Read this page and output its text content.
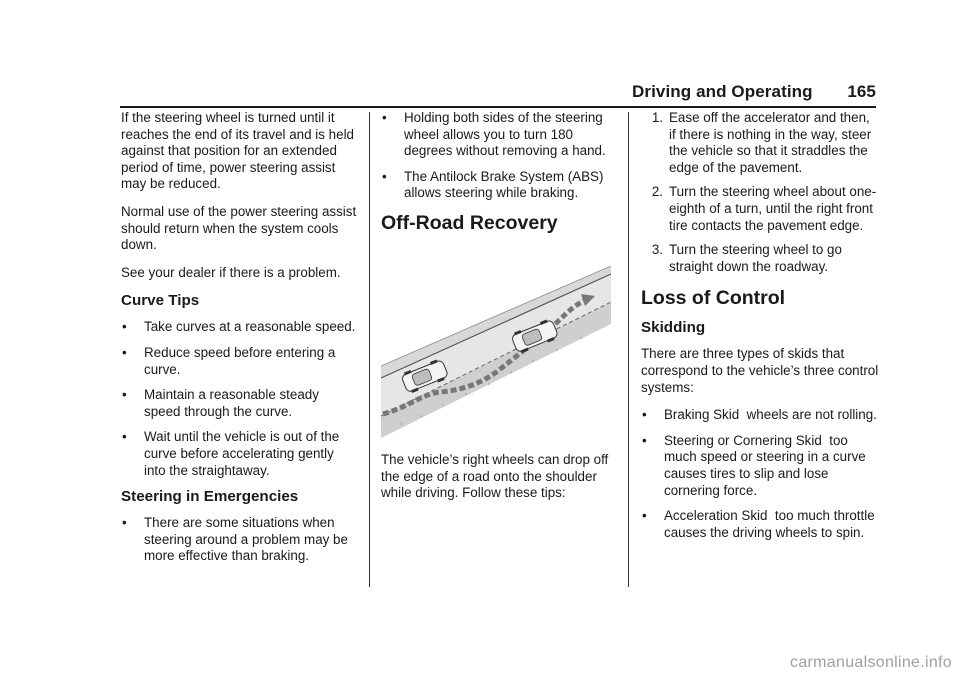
Driving and Operating 165

If the steering wheel is turned until it reaches the end of its travel and is held against that position for an extended period of time, power steering assist may be reduced.

Normal use of the power steering assist should return when the system cools down.

See your dealer if there is a problem.

Curve Tips
•	Take curves at a reasonable speed.
•	Reduce speed before entering a curve.
•	Maintain a reasonable steady speed through the curve.
•	Wait until the vehicle is out of the curve before accelerating gently into the straightaway.
Steering in Emergencies
•	There are some situations when steering around a problem may be more effective than braking.
•	Holding both sides of the steering wheel allows you to turn 180 degrees without removing a hand.
•	The Antilock Brake System (ABS) allows steering while braking.
Off-Road Recovery

The vehicle’s right wheels can drop off the edge of a road onto the shoulder while driving. Follow these tips:

1. Ease off the accelerator and then, if there is nothing in the way, steer the vehicle so that it straddles the edge of the pavement.
2. Turn the steering wheel about one-eighth of a turn, until the right front tire contacts the pavement edge.
3. Turn the steering wheel to go straight down the roadway.
Loss of Control
Skidding

There are three types of skids that correspond to the vehicle’s three control systems:

•	Braking Skid wheels are not rolling.
•	Steering or Cornering Skid too much speed or steering in a curve causes tires to slip and lose cornering force.
•	Acceleration Skid too much throttle causes the driving wheels to spin.
carmanualsonline.info
